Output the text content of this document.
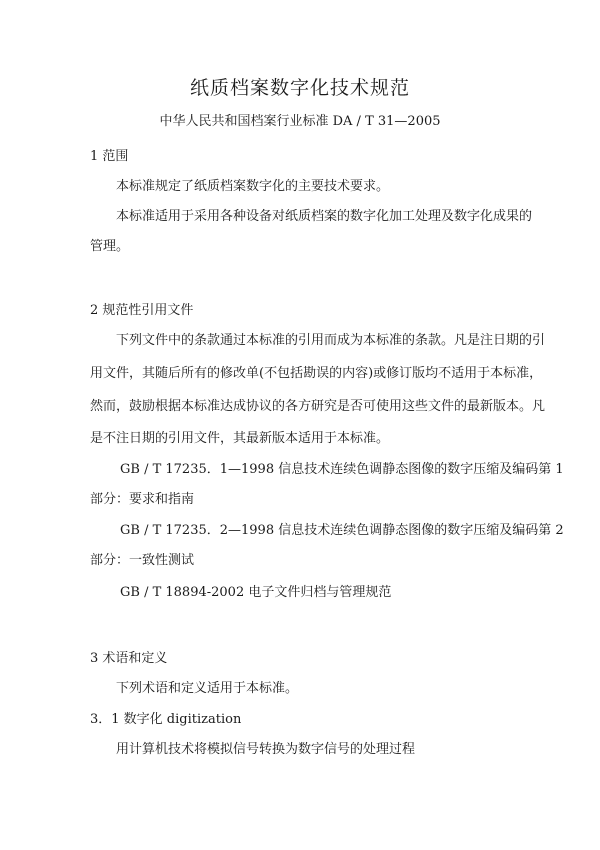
纸质档案数字化技术规范
中华人民共和国档案行业标准 DA / T 31—2005
1 范围
本标准规定了纸质档案数字化的主要技术要求。
本标准适用于采用各种设备对纸质档案的数字化加工处理及数字化成果的
管理。
2 规范性引用文件
下列文件中的条款通过本标准的引用而成为本标准的条款。凡是注日期的引
用文件，其随后所有的修改单(不包括勘误的内容)或修订版均不适用于本标准，
然而，鼓励根据本标准达成协议的各方研究是否可使用这些文件的最新版本。凡
是不注日期的引用文件，其最新版本适用于本标准。
GB / T 17235．1—1998 信息技术连续色调静态图像的数字压缩及编码第 1
部分：要求和指南
GB / T 17235．2—1998 信息技术连续色调静态图像的数字压缩及编码第 2
部分：一致性测试
GB / T 18894-2002 电子文件归档与管理规范
3 术语和定义
下列术语和定义适用于本标准。
3．1 数字化 digitization
用计算机技术将模拟信号转换为数字信号的处理过程
